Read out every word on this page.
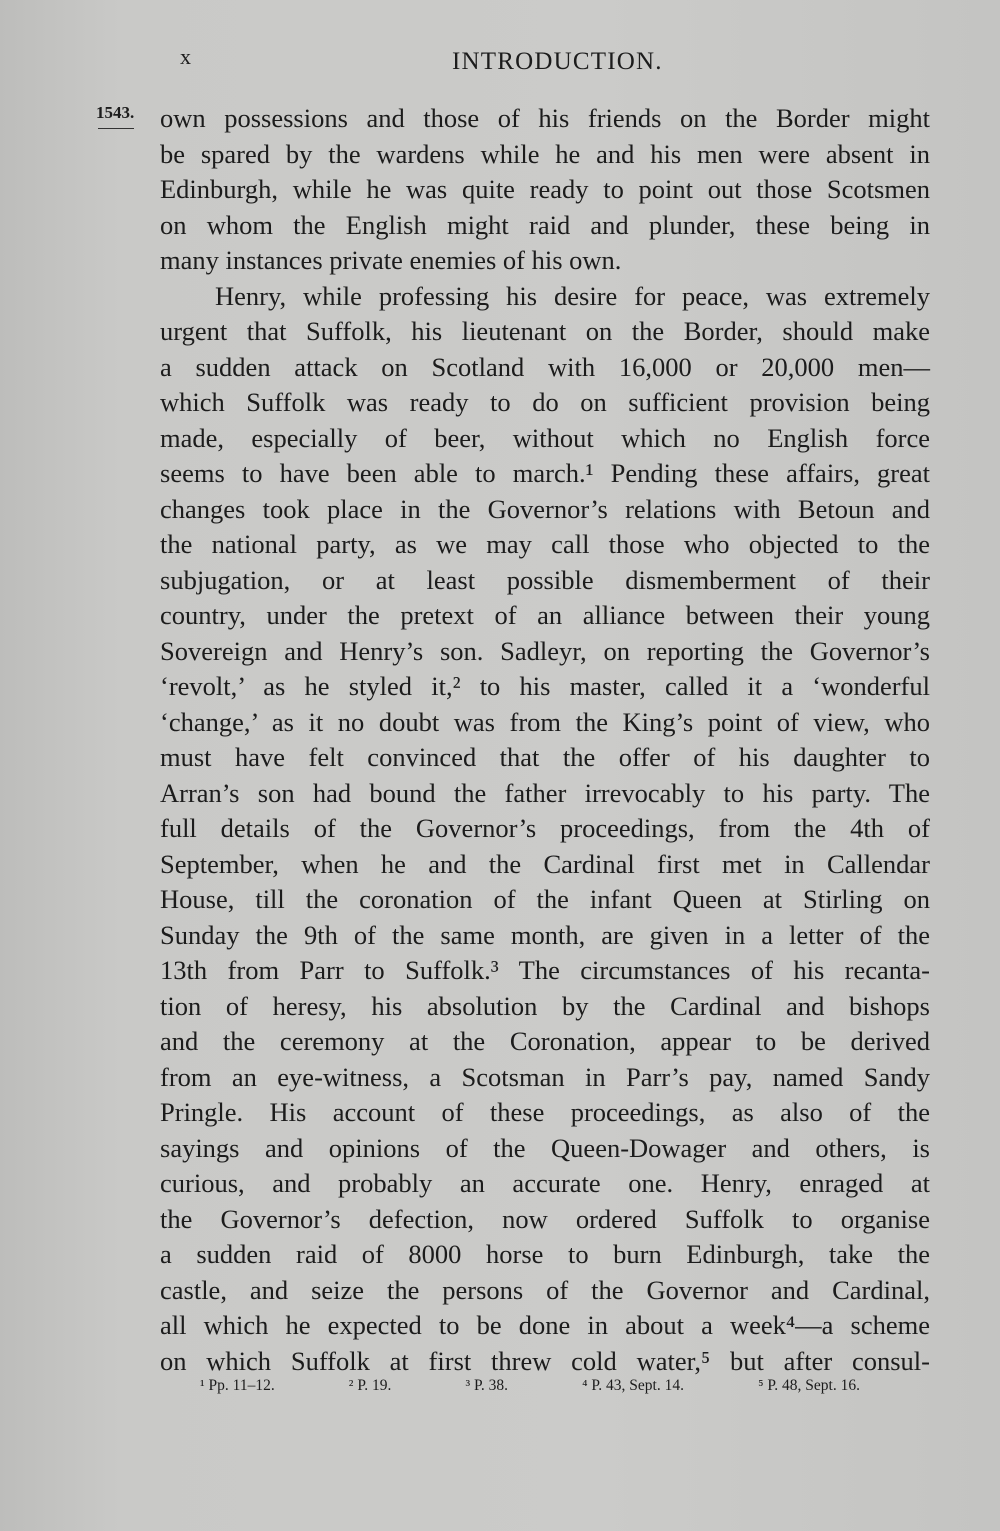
x	INTRODUCTION.
1543. own possessions and those of his friends on the Border might
be spared by the wardens while he and his men were absent in
Edinburgh, while he was quite ready to point out those Scotsmen
on whom the English might raid and plunder, these being in
many instances private enemies of his own.
Henry, while professing his desire for peace, was extremely
urgent that Suffolk, his lieutenant on the Border, should make
a sudden attack on Scotland with 16,000 or 20,000 men—
which Suffolk was ready to do on sufficient provision being
made, especially of beer, without which no English force
seems to have been able to march.¹ Pending these affairs, great
changes took place in the Governor’s relations with Betoun and
the national party, as we may call those who objected to the
subjugation, or at least possible dismemberment of their
country, under the pretext of an alliance between their young
Sovereign and Henry’s son. Sadleyr, on reporting the Governor’s
‘revolt,’ as he styled it,² to his master, called it a ‘wonderful
‘change,’ as it no doubt was from the King’s point of view, who
must have felt convinced that the offer of his daughter to
Arran’s son had bound the father irrevocably to his party. The
full details of the Governor’s proceedings, from the 4th of
September, when he and the Cardinal first met in Callendar
House, till the coronation of the infant Queen at Stirling on
Sunday the 9th of the same month, are given in a letter of the
13th from Parr to Suffolk.³ The circumstances of his recanta-
tion of heresy, his absolution by the Cardinal and bishops
and the ceremony at the Coronation, appear to be derived
from an eye-witness, a Scotsman in Parr’s pay, named Sandy
Pringle. His account of these proceedings, as also of the
sayings and opinions of the Queen-Dowager and others, is
curious, and probably an accurate one. Henry, enraged at
the Governor’s defection, now ordered Suffolk to organise
a sudden raid of 8000 horse to burn Edinburgh, take the
castle, and seize the persons of the Governor and Cardinal,
all which he expected to be done in about a week⁴—a scheme
on which Suffolk at first threw cold water,⁵ but after consul-
¹ Pp. 11–12.	² P. 19.	³ P. 38.	⁴ P. 43, Sept. 14.	⁵ P. 48, Sept. 16.
